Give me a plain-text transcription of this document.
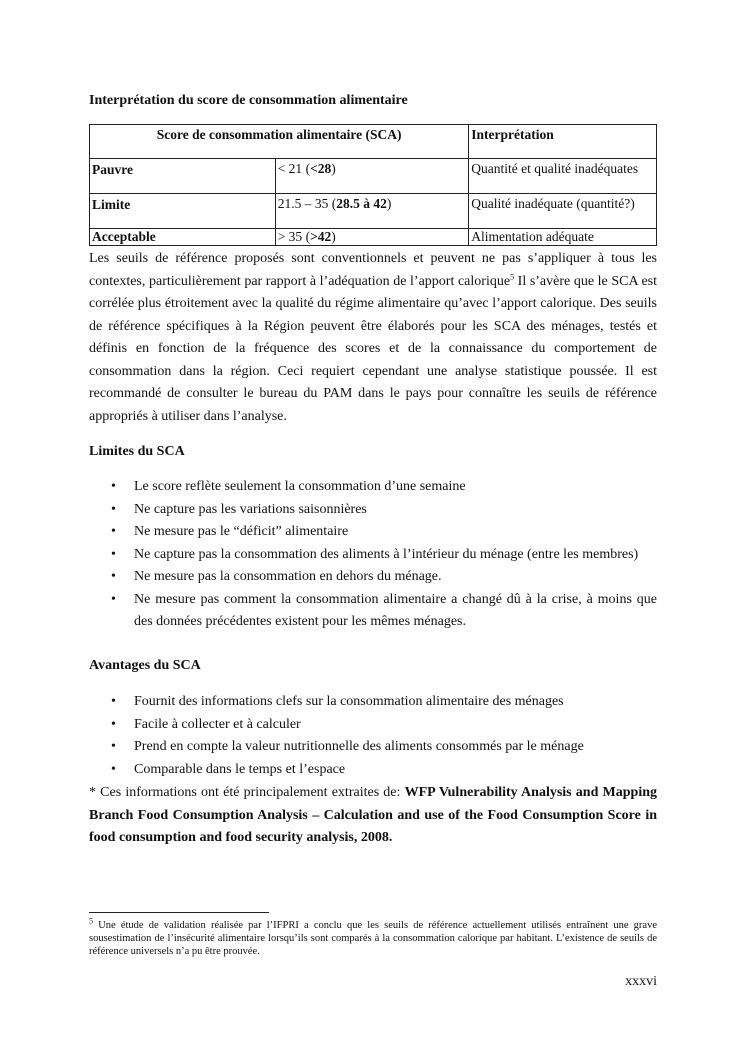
Interprétation du score de consommation alimentaire
Score de consommation alimentaire (SCA)		Interprétation

Pauvre	< 21 (<28)	Quantité et qualité inadéquates

Limite	21.5 – 35 (28.5 à 42)	Qualité inadéquate (quantité?)

Acceptable	> 35 (>42)	Alimentation adéquate

Les seuils de référence proposés sont conventionnels et peuvent ne pas s’appliquer à tous les contextes, particulièrement par rapport à l’adéquation de l’apport calorique$^5$ Il s’avère que le SCA est corrélée plus étroitement avec la qualité du régime alimentaire qu’avec l’apport calorique. Des seuils de référence spécifiques à la Région peuvent être élaborés pour les SCA des ménages, testés et définis en fonction de la fréquence des scores et de la connaissance du comportement de consommation dans la région. Ceci requiert cependant une analyse statistique poussée. Il est recommandé de consulter le bureau du PAM dans le pays pour connaître les seuils de référence appropriés à utiliser dans l’analyse.

Limites du SCA
• Le score reflète seulement la consommation d’une semaine
• Ne capture pas les variations saisonnières
• Ne mesure pas le “déficit” alimentaire
• Ne capture pas la consommation des aliments à l’intérieur du ménage (entre les membres)
• Ne mesure pas la consommation en dehors du ménage.
• Ne mesure pas comment la consommation alimentaire a changé dû à la crise, à moins que des données précédentes existent pour les mêmes ménages.
Avantages du SCA
• Fournit des informations clefs sur la consommation alimentaire des ménages
• Facile à collecter et à calculer
• Prend en compte la valeur nutritionnelle des aliments consommés par le ménage
• Comparable dans le temps et l’espace

* Ces informations ont été principalement extraites de: WFP Vulnerability Analysis and Mapping Branch Food Consumption Analysis – Calculation and use of the Food Consumption Score in food consumption and food security analysis, 2008.

$^5$ Une étude de validation réalisée par l’IFPRI a conclu que les seuils de référence actuellement utilisés entraînent une grave sousestimation de l’insécurité alimentaire lorsqu’ils sont comparés à la consommation calorique par habitant. L’existence de seuils de référence universels n’a pu être prouvée.

xxxvi
